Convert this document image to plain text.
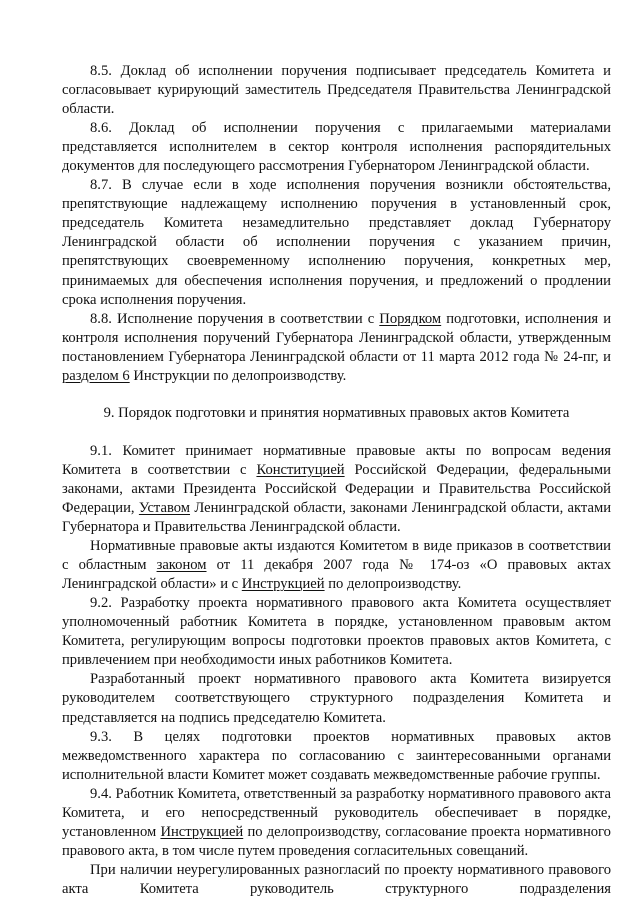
8.5. Доклад об исполнении поручения подписывает председатель Комитета и согласовывает курирующий заместитель Председателя Правительства Ленинградской области.

8.6. Доклад об исполнении поручения с прилагаемыми материалами представляется исполнителем в сектор контроля исполнения распорядительных документов для последующего рассмотрения Губернатором Ленинградской области.

8.7. В случае если в ходе исполнения поручения возникли обстоятельства, препятствующие надлежащему исполнению поручения в установленный срок, председатель Комитета незамедлительно представляет доклад Губернатору Ленинградской области об исполнении поручения с указанием причин, препятствующих своевременному исполнению поручения, конкретных мер, принимаемых для обеспечения исполнения поручения, и предложений о продлении срока исполнения поручения.

8.8. Исполнение поручения в соответствии с Порядком подготовки, исполнения и контроля исполнения поручений Губернатора Ленинградской области, утвержденным постановлением Губернатора Ленинградской области от 11 марта 2012 года № 24-пг, и разделом 6 Инструкции по делопроизводству.

9. Порядок подготовки и принятия нормативных правовых актов Комитета

9.1. Комитет принимает нормативные правовые акты по вопросам ведения Комитета в соответствии с Конституцией Российской Федерации, федеральными законами, актами Президента Российской Федерации и Правительства Российской Федерации, Уставом Ленинградской области, законами Ленинградской области, актами Губернатора и Правительства Ленинградской области.

Нормативные правовые акты издаются Комитетом в виде приказов в соответствии с областным законом от 11 декабря 2007 года № 174-оз «О правовых актах Ленинградской области» и с Инструкцией по делопроизводству.

9.2. Разработку проекта нормативного правового акта Комитета осуществляет уполномоченный работник Комитета в порядке, установленном правовым актом Комитета, регулирующим вопросы подготовки проектов правовых актов Комитета, с привлечением при необходимости иных работников Комитета.

Разработанный проект нормативного правового акта Комитета визируется руководителем соответствующего структурного подразделения Комитета и представляется на подпись председателю Комитета.

9.3. В целях подготовки проектов нормативных правовых актов межведомственного характера по согласованию с заинтересованными органами исполнительной власти Комитет может создавать межведомственные рабочие группы.

9.4. Работник Комитета, ответственный за разработку нормативного правового акта Комитета, и его непосредственный руководитель обеспечивает в порядке, установленном Инструкцией по делопроизводству, согласование проекта нормативного правового акта, в том числе путем проведения согласительных совещаний.

При наличии неурегулированных разногласий по проекту нормативного правового акта Комитета руководитель структурного подразделения
